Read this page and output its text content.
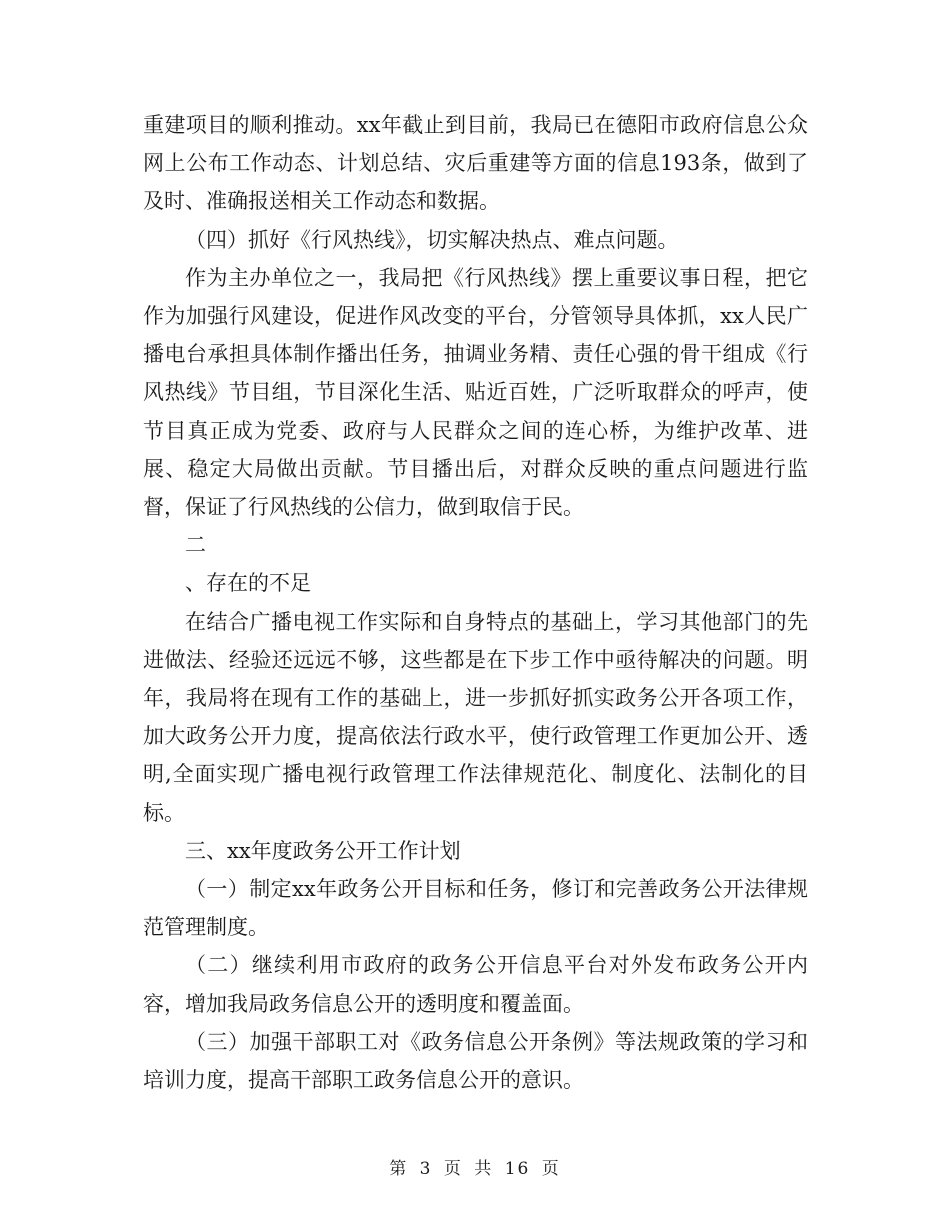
重建项目的顺利推动。xx年截止到目前，我局已在德阳市政府信息公众网上公布工作动态、计划总结、灾后重建等方面的信息193条，做到了及时、准确报送相关工作动态和数据。

（四）抓好《行风热线》，切实解决热点、难点问题。

作为主办单位之一，我局把《行风热线》摆上重要议事日程，把它作为加强行风建设，促进作风改变的平台，分管领导具体抓，xx人民广播电台承担具体制作播出任务，抽调业务精、责任心强的骨干组成《行风热线》节目组，节目深化生活、贴近百姓，广泛听取群众的呼声，使节目真正成为党委、政府与人民群众之间的连心桥，为维护改革、进展、稳定大局做出贡献。节目播出后，对群众反映的重点问题进行监督，保证了行风热线的公信力，做到取信于民。

二

、存在的不足

在结合广播电视工作实际和自身特点的基础上，学习其他部门的先进做法、经验还远远不够，这些都是在下步工作中亟待解决的问题。明年，我局将在现有工作的基础上，进一步抓好抓实政务公开各项工作，加大政务公开力度，提高依法行政水平，使行政管理工作更加公开、透明,全面实现广播电视行政管理工作法律规范化、制度化、法制化的目标。

三、xx年度政务公开工作计划

（一）制定xx年政务公开目标和任务，修订和完善政务公开法律规范管理制度。

（二）继续利用市政府的政务公开信息平台对外发布政务公开内容，增加我局政务信息公开的透明度和覆盖面。

（三）加强干部职工对《政务信息公开条例》等法规政策的学习和培训力度，提高干部职工政务信息公开的意识。

第 3 页 共 16 页
